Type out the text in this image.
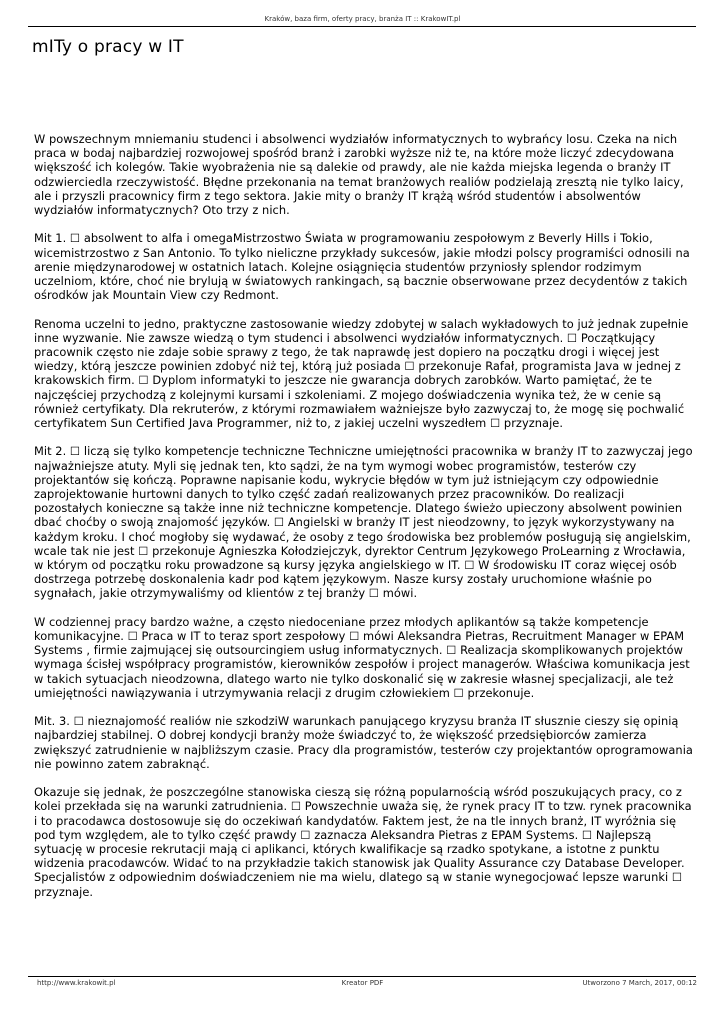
Kraków, baza firm, oferty pracy, branża IT :: KrakowIT.pl
mITy o pracy w IT

W powszechnym mniemaniu studenci i absolwenci wydziałów informatycznych to wybrańcy losu. Czeka na nich praca w bodaj najbardziej rozwojowej spośród branż i zarobki wyższe niż te, na które może liczyć zdecydowana większość ich kolegów. Takie wyobrażenia nie są dalekie od prawdy, ale nie każda miejska legenda o branży IT odzwierciedla rzeczywistość. Błędne przekonania na temat branżowych realiów podzielają zresztą nie tylko laicy, ale i przyszli pracownicy firm z tego sektora. Jakie mity o branży IT krążą wśród studentów i absolwentów wydziałów informatycznych? Oto trzy z nich.

Mit 1. ☐ absolwent to alfa i omegaMistrzostwo Świata w programowaniu zespołowym z Beverly Hills i Tokio, wicemistrzostwo z San Antonio. To tylko nieliczne przykłady sukcesów, jakie młodzi polscy programiści odnosili na arenie międzynarodowej w ostatnich latach. Kolejne osiągnięcia studentów przyniosły splendor rodzimym uczelniom, które, choć nie brylują w światowych rankingach, są bacznie obserwowane przez decydentów z takich ośrodków jak Mountain View czy Redmont.

Renoma uczelni to jedno, praktyczne zastosowanie wiedzy zdobytej w salach wykładowych to już jednak zupełnie inne wyzwanie. Nie zawsze wiedzą o tym studenci i absolwenci wydziałów informatycznych. ☐ Początkujący pracownik często nie zdaje sobie sprawy z tego, że tak naprawdę jest dopiero na początku drogi i więcej jest wiedzy, którą jeszcze powinien zdobyć niż tej, którą już posiada ☐ przekonuje Rafał, programista Java w jednej z krakowskich firm. ☐ Dyplom informatyki to jeszcze nie gwarancja dobrych zarobków. Warto pamiętać, że te najczęściej przychodzą z kolejnymi kursami i szkoleniami. Z mojego doświadczenia wynika też, że w cenie są również certyfikaty. Dla rekruterów, z którymi rozmawiałem ważniejsze było zazwyczaj to, że mogę się pochwalić certyfikatem Sun Certified Java Programmer, niż to, z jakiej uczelni wyszedłem ☐ przyznaje.

Mit 2. ☐ liczą się tylko kompetencje techniczne Techniczne umiejętności pracownika w branży IT to zazwyczaj jego najważniejsze atuty. Myli się jednak ten, kto sądzi, że na tym wymogi wobec programistów, testerów czy projektantów się kończą. Poprawne napisanie kodu, wykrycie błędów w tym już istniejącym czy odpowiednie zaprojektowanie hurtowni danych to tylko część zadań realizowanych przez pracowników. Do realizacji pozostałych konieczne są także inne niż techniczne kompetencje. Dlatego świeżo upieczony absolwent powinien dbać choćby o swoją znajomość języków. ☐ Angielski w branży IT jest nieodzowny, to język wykorzystywany na każdym kroku. I choć mogłoby się wydawać, że osoby z tego środowiska bez problemów posługują się angielskim, wcale tak nie jest ☐ przekonuje Agnieszka Kołodziejczyk, dyrektor Centrum Językowego ProLearning z Wrocławia, w którym od początku roku prowadzone są kursy języka angielskiego w IT. ☐ W środowisku IT coraz więcej osób dostrzega potrzebę doskonalenia kadr pod kątem językowym. Nasze kursy zostały uruchomione właśnie po sygnałach, jakie otrzymywaliśmy od klientów z tej branży ☐ mówi.

W codziennej pracy bardzo ważne, a często niedoceniane przez młodych aplikantów są także kompetencje komunikacyjne. ☐ Praca w IT to teraz sport zespołowy ☐ mówi Aleksandra Pietras, Recruitment Manager w EPAM Systems , firmie zajmującej się outsourcingiem usług informatycznych. ☐ Realizacja skomplikowanych projektów wymaga ścisłej współpracy programistów, kierowników zespołów i project managerów. Właściwa komunikacja jest w takich sytuacjach nieodzowna, dlatego warto nie tylko doskonalić się w zakresie własnej specjalizacji, ale też umiejętności nawiązywania i utrzymywania relacji z drugim człowiekiem ☐ przekonuje.

Mit. 3. ☐ nieznajomość realiów nie szkodziW warunkach panującego kryzysu branża IT słusznie cieszy się opinią najbardziej stabilnej. O dobrej kondycji branży może świadczyć to, że większość przedsiębiorców zamierza zwiększyć zatrudnienie w najbliższym czasie. Pracy dla programistów, testerów czy projektantów oprogramowania nie powinno zatem zabraknąć.

Okazuje się jednak, że poszczególne stanowiska cieszą się różną popularnością wśród poszukujących pracy, co z kolei przekłada się na warunki zatrudnienia. ☐ Powszechnie uważa się, że rynek pracy IT to tzw. rynek pracownika i to pracodawca dostosowuje się do oczekiwań kandydatów. Faktem jest, że na tle innych branż, IT wyróżnia się pod tym względem, ale to tylko część prawdy ☐ zaznacza Aleksandra Pietras z EPAM Systems. ☐ Najlepszą sytuację w procesie rekrutacji mają ci aplikanci, których kwalifikacje są rzadko spotykane, a istotne z punktu widzenia pracodawców. Widać to na przykładzie takich stanowisk jak Quality Assurance czy Database Developer. Specjalistów z odpowiednim doświadczeniem nie ma wielu, dlatego są w stanie wynegocjować lepsze warunki ☐ przyznaje.

http://www.krakowit.pl	Kreator PDF	Utworzono 7 March, 2017, 00:12
